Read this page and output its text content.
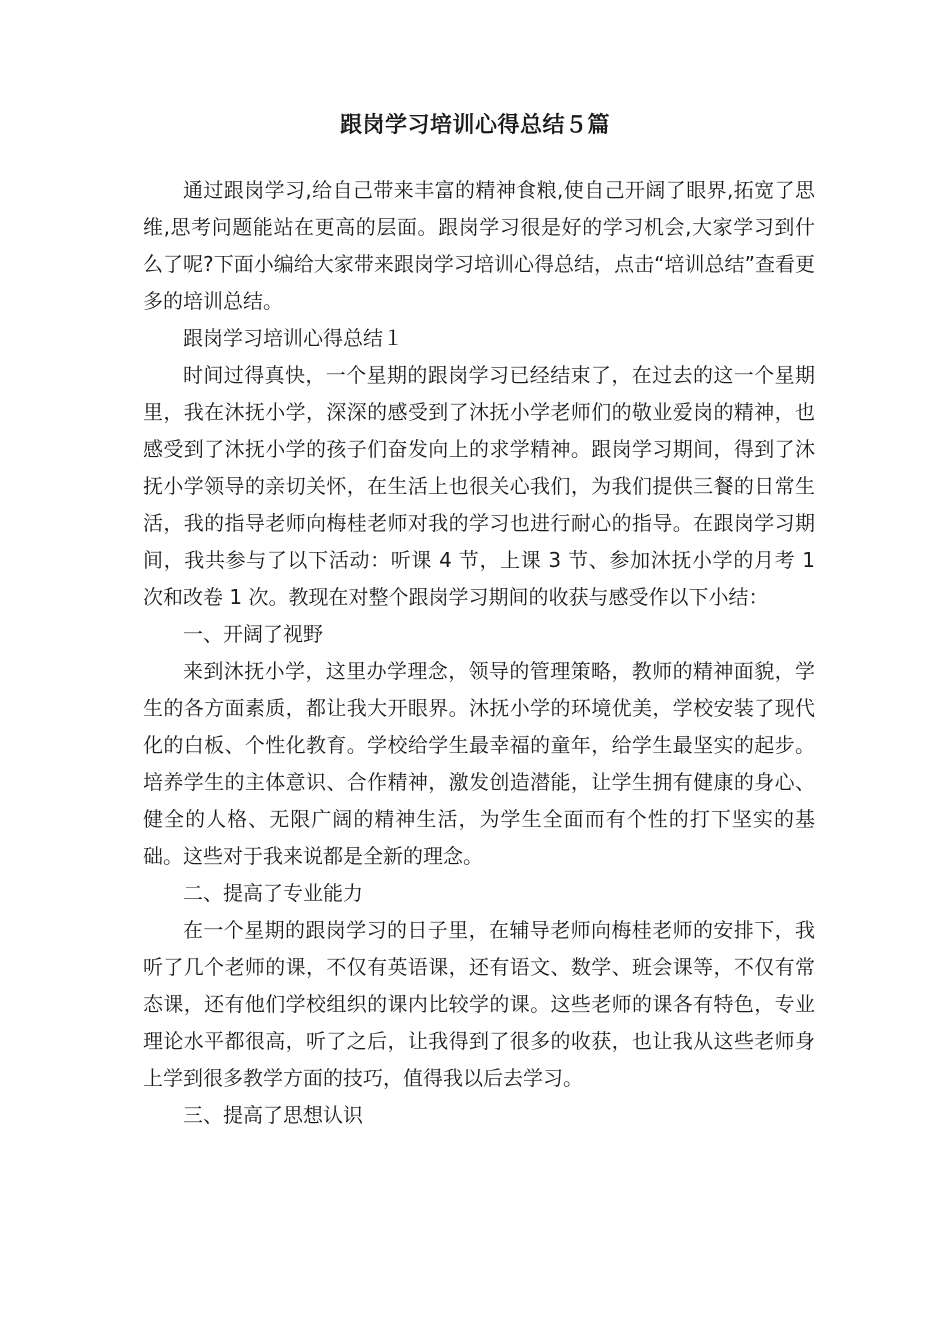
跟岗学习培训心得总结５篇

通过跟岗学习,给自己带来丰富的精神食粮,使自己开阔了眼界,拓宽了思维,思考问题能站在更高的层面。跟岗学习很是好的学习机会,大家学习到什么了呢?下面小编给大家带来跟岗学习培训心得总结，点击“培训总结”查看更多的培训总结。

跟岗学习培训心得总结１

时间过得真快，一个星期的跟岗学习已经结束了，在过去的这一个星期里，我在沐抚小学，深深的感受到了沐抚小学老师们的敬业爱岗的精神，也感受到了沐抚小学的孩子们奋发向上的求学精神。跟岗学习期间，得到了沐抚小学领导的亲切关怀，在生活上也很关心我们，为我们提供三餐的日常生活，我的指导老师向梅桂老师对我的学习也进行耐心的指导。在跟岗学习期间，我共参与了以下活动：听课 4 节，上课 3 节、参加沐抚小学的月考 1 次和改卷 1 次。教现在对整个跟岗学习期间的收获与感受作以下小结：

一、开阔了视野

来到沐抚小学，这里办学理念，领导的管理策略，教师的精神面貌，学生的各方面素质，都让我大开眼界。沐抚小学的环境优美，学校安装了现代化的白板、个性化教育。学校给学生最幸福的童年，给学生最坚实的起步。培养学生的主体意识、合作精神，激发创造潜能，让学生拥有健康的身心、健全的人格、无限广阔的精神生活，为学生全面而有个性的打下坚实的基础。这些对于我来说都是全新的理念。

二、提高了专业能力

在一个星期的跟岗学习的日子里，在辅导老师向梅桂老师的安排下，我听了几个老师的课，不仅有英语课，还有语文、数学、班会课等，不仅有常态课，还有他们学校组织的课内比较学的课。这些老师的课各有特色，专业理论水平都很高，听了之后，让我得到了很多的收获，也让我从这些老师身上学到很多教学方面的技巧，值得我以后去学习。

三、提高了思想认识
